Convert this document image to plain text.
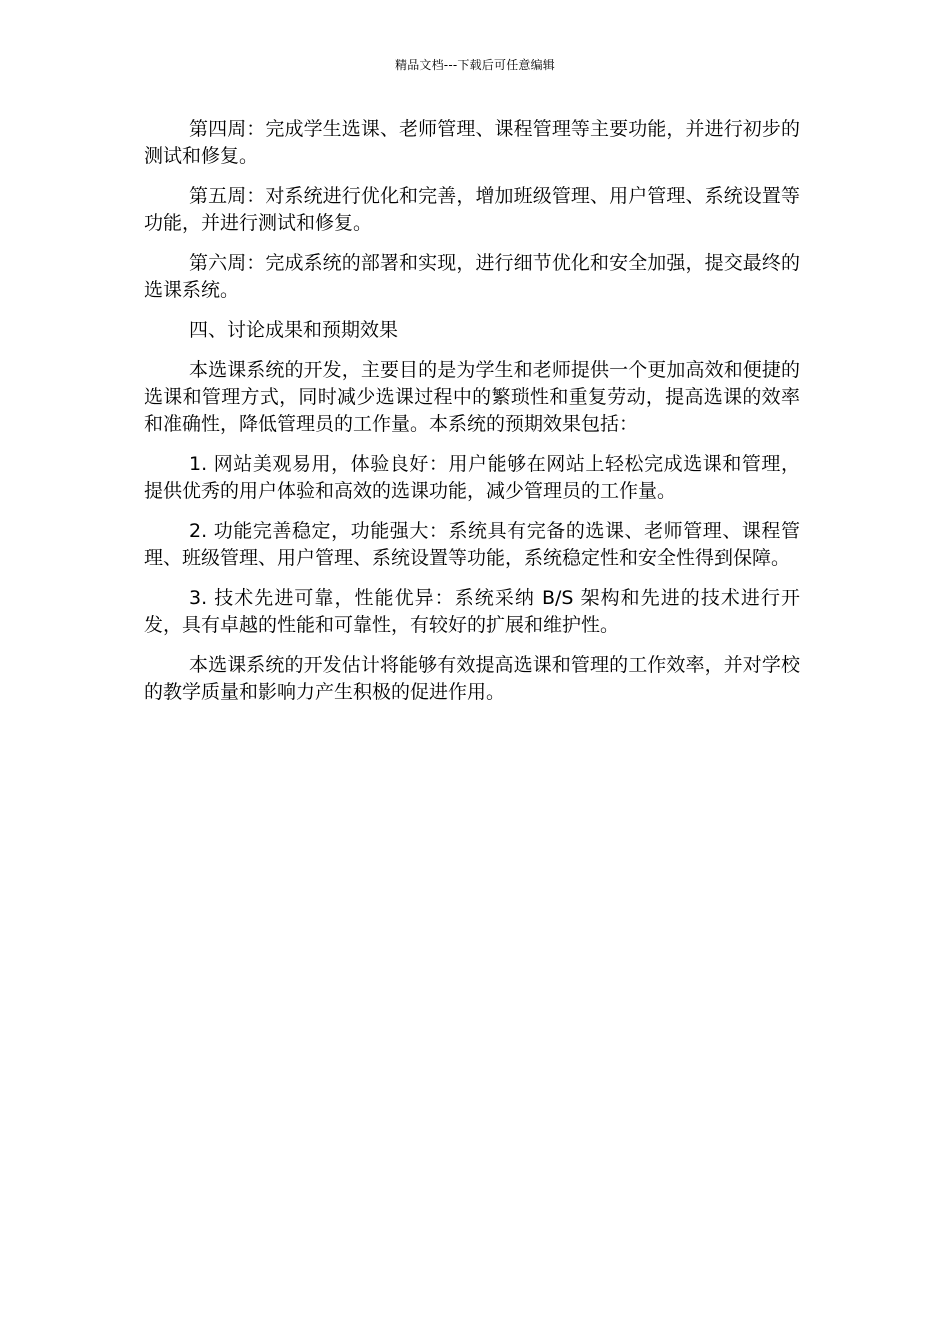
精品文档---下载后可任意编辑

第四周：完成学生选课、老师管理、课程管理等主要功能，并进行初步的测试和修复。

第五周：对系统进行优化和完善，增加班级管理、用户管理、系统设置等功能，并进行测试和修复。

第六周：完成系统的部署和实现，进行细节优化和安全加强，提交最终的选课系统。

四、讨论成果和预期效果

本选课系统的开发，主要目的是为学生和老师提供一个更加高效和便捷的选课和管理方式，同时减少选课过程中的繁琐性和重复劳动，提高选课的效率和准确性，降低管理员的工作量。本系统的预期效果包括：

1. 网站美观易用，体验良好：用户能够在网站上轻松完成选课和管理，提供优秀的用户体验和高效的选课功能，减少管理员的工作量。

2. 功能完善稳定，功能强大：系统具有完备的选课、老师管理、课程管理、班级管理、用户管理、系统设置等功能，系统稳定性和安全性得到保障。

3. 技术先进可靠，性能优异：系统采纳 B/S 架构和先进的技术进行开发，具有卓越的性能和可靠性，有较好的扩展和维护性。

本选课系统的开发估计将能够有效提高选课和管理的工作效率，并对学校的教学质量和影响力产生积极的促进作用。
